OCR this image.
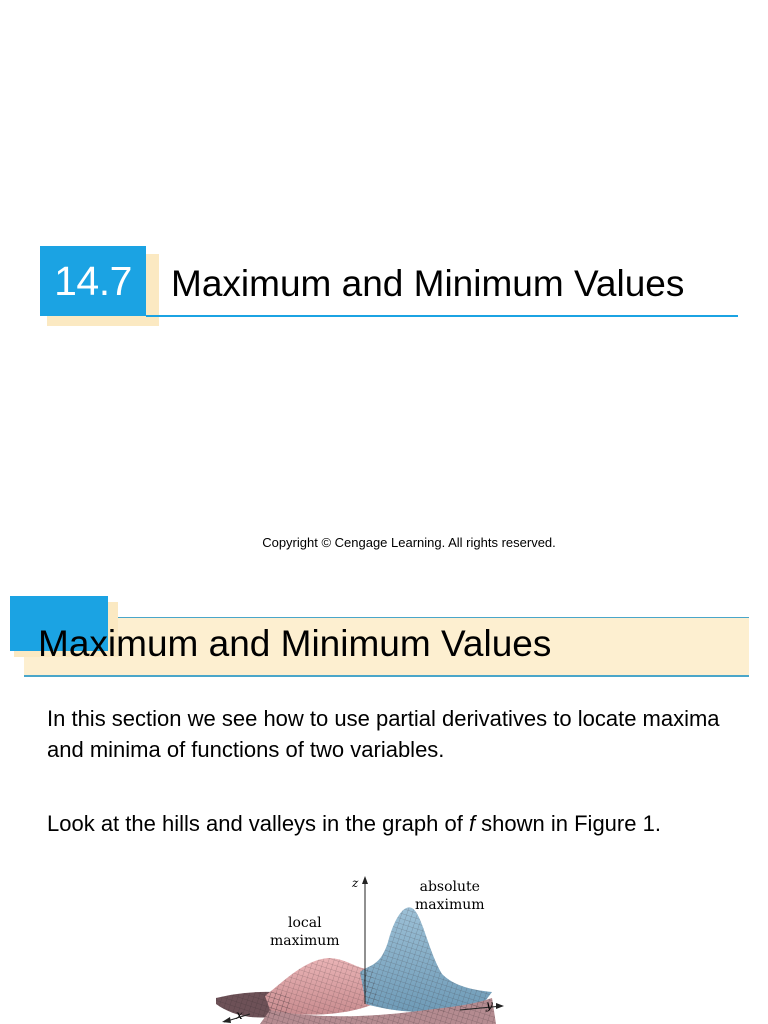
14.7	Maximum and Minimum Values
Copyright © Cengage Learning. All rights reserved.
Maximum and Minimum Values

In this section we see how to use partial derivatives to locate maxima and minima of functions of two variables.

Look at the hills and valleys in the graph of f shown in Figure 1.

z
x
y
absolute
maximum
local
maximum
